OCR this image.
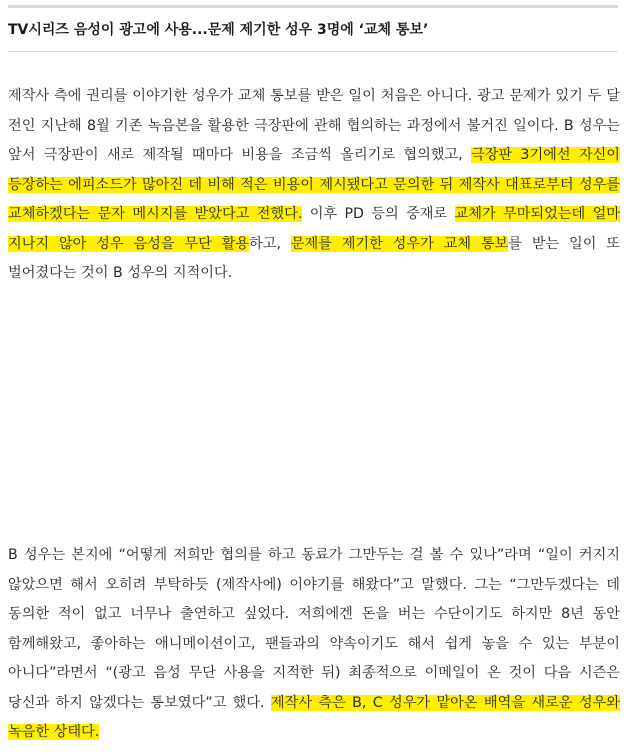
TV시리즈 음성이 광고에 사용...문제 제기한 성우 3명에 ‘교체 통보’

제작사 측에 권리를 이야기한 성우가 교체 통보를 받은 일이 처음은 아니다. 광고 문제가 있기 두 달 전인 지난해 8월 기존 녹음본을 활용한 극장판에 관해 협의하는 과정에서 불거진 일이다. B 성우는 앞서 극장판이 새로 제작될 때마다 비용을 조금씩 올리기로 협의했고, 극장판 3기에선 자신이 등장하는 에피소드가 많아진 데 비해 적은 비용이 제시됐다고 문의한 뒤 제작사 대표로부터 성우를 교체하겠다는 문자 메시지를 받았다고 전했다. 이후 PD 등의 중재로 교체가 무마되었는데 얼마 지나지 않아 성우 음성을 무단 활용하고, 문제를 제기한 성우가 교체 통보를 받는 일이 또 벌어졌다는 것이 B 성우의 지적이다.

B 성우는 본지에 “어떻게 저희만 협의를 하고 동료가 그만두는 걸 볼 수 있나”라며 “일이 커지지 않았으면 해서 오히려 부탁하듯 (제작사에) 이야기를 해왔다”고 말했다. 그는 “그만두겠다는 데 동의한 적이 없고 너무나 출연하고 싶었다. 저희에겐 돈을 버는 수단이기도 하지만 8년 동안 함께해왔고, 좋아하는 애니메이션이고, 팬들과의 약속이기도 해서 쉽게 놓을 수 있는 부분이 아니다”라면서 “(광고 음성 무단 사용을 지적한 뒤) 최종적으로 이메일이 온 것이 다음 시즌은 당신과 하지 않겠다는 통보였다”고 했다. 제작사 측은 B, C 성우가 맡아온 배역을 새로운 성우와 녹음한 상태다.
